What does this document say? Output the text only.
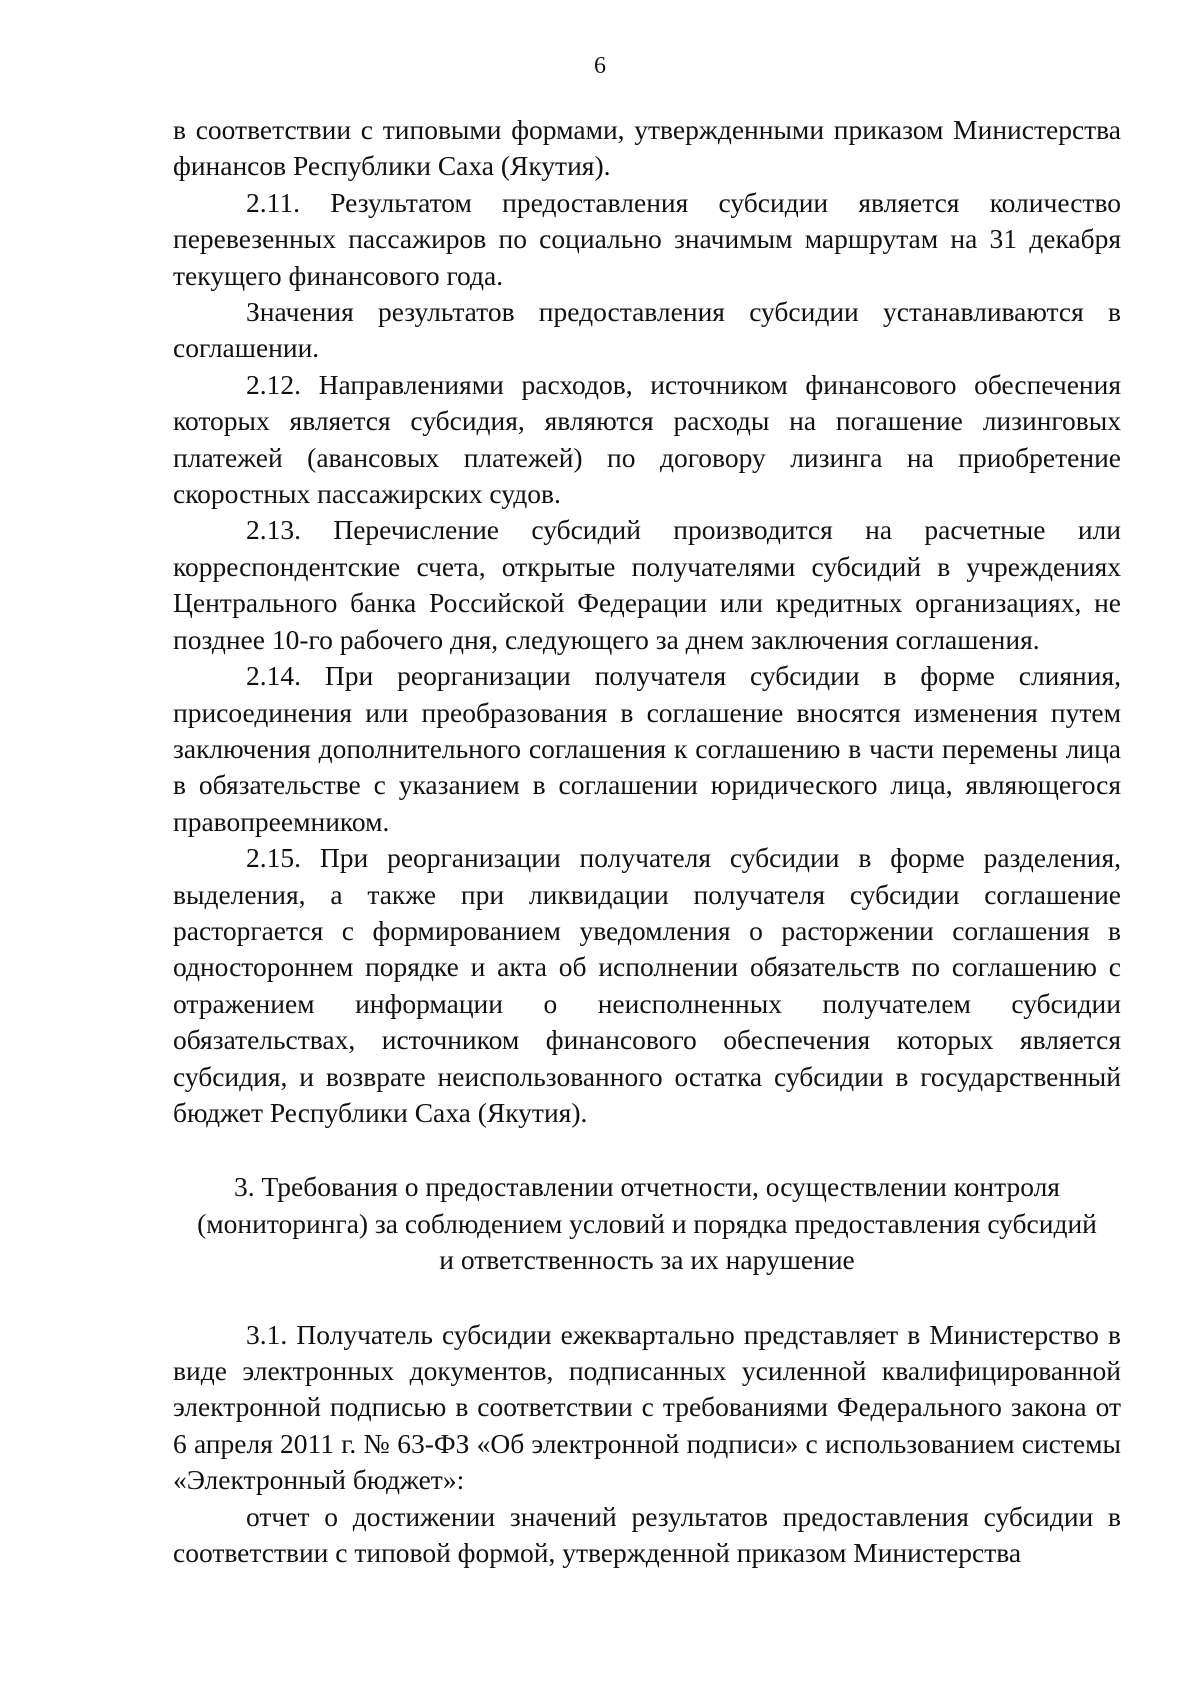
6

в соответствии с типовыми формами, утвержденными приказом Министерства финансов Республики Саха (Якутия).

2.11. Результатом предоставления субсидии является количество перевезенных пассажиров по социально значимым маршрутам на 31 декабря текущего финансового года.

Значения результатов предоставления субсидии устанавливаются в соглашении.

2.12. Направлениями расходов, источником финансового обеспечения которых является субсидия, являются расходы на погашение лизинговых платежей (авансовых платежей) по договору лизинга на приобретение скоростных пассажирских судов.

2.13. Перечисление субсидий производится на расчетные или корреспондентские счета, открытые получателями субсидий в учреждениях Центрального банка Российской Федерации или кредитных организациях, не позднее 10-го рабочего дня, следующего за днем заключения соглашения.

2.14. При реорганизации получателя субсидии в форме слияния, присоединения или преобразования в соглашение вносятся изменения путем заключения дополнительного соглашения к соглашению в части перемены лица в обязательстве с указанием в соглашении юридического лица, являющегося правопреемником.

2.15. При реорганизации получателя субсидии в форме разделения, выделения, а также при ликвидации получателя субсидии соглашение расторгается с формированием уведомления о расторжении соглашения в одностороннем порядке и акта об исполнении обязательств по соглашению с отражением информации о неисполненных получателем субсидии обязательствах, источником финансового обеспечения которых является субсидия, и возврате неиспользованного остатка субсидии в государственный бюджет Республики Саха (Якутия).

3. Требования о предоставлении отчетности, осуществлении контроля
(мониторинга) за соблюдением условий и порядка предоставления субсидий
и ответственность за их нарушение

3.1. Получатель субсидии ежеквартально представляет в Министерство в виде электронных документов, подписанных усиленной квалифицированной электронной подписью в соответствии с требованиями Федерального закона от 6 апреля 2011 г. № 63-ФЗ «Об электронной подписи» с использованием системы «Электронный бюджет»:

отчет о достижении значений результатов предоставления субсидии в соответствии с типовой формой, утвержденной приказом Министерства
